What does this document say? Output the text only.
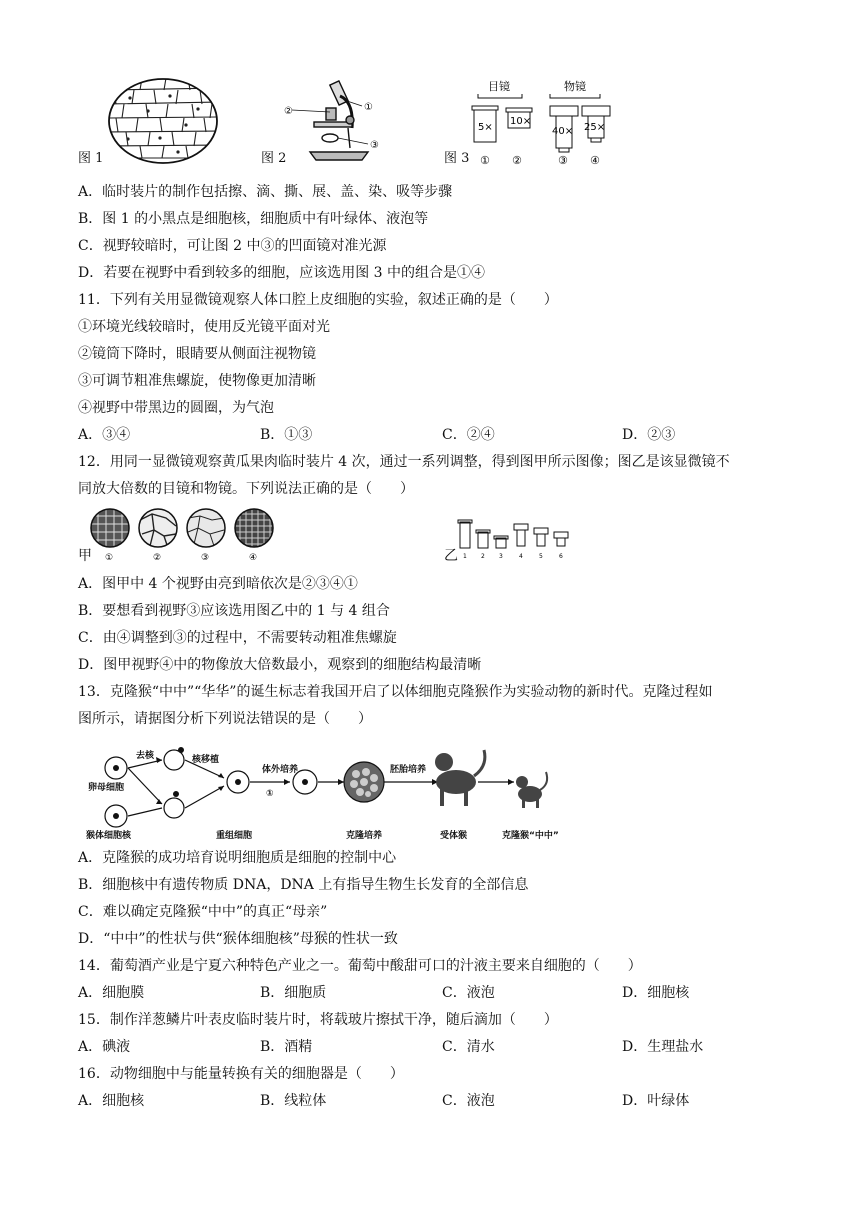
图 1
②	①
③
图 2
目镜	物镜
5×
10×
40× 25×
① ②	③ ④
图 3
A．临时装片的制作包括擦、滴、撕、展、盖、染、吸等步骤
B．图 1 的小黑点是细胞核，细胞质中有叶绿体、液泡等
C．视野较暗时，可让图 2 中③的凹面镜对准光源
D．若要在视野中看到较多的细胞，应该选用图 3 中的组合是①④
11．下列有关用显微镜观察人体口腔上皮细胞的实验，叙述正确的是（　　）
①环境光线较暗时，使用反光镜平面对光
②镜筒下降时，眼睛要从侧面注视物镜
③可调节粗准焦螺旋，使物像更加清晰
④视野中带黑边的圆圈，为气泡
A．③④	B．①③	C．②④	D．②③
12．用同一显微镜观察黄瓜果肉临时装片 4 次，通过一系列调整，得到图甲所示图像；图乙是该显微镜不
同放大倍数的目镜和物镜。下列说法正确的是（　　）
①	②	③	④
甲	1 2 3	4	5	6
乙
A．图甲中 4 个视野由亮到暗依次是②③④①
B．要想看到视野③应该选用图乙中的 1 与 4 组合
C．由④调整到③的过程中，不需要转动粗准焦螺旋
D．图甲视野④中的物像放大倍数最小，观察到的细胞结构最清晰
13．克隆猴“中中”“华华”的诞生标志着我国开启了以体细胞克隆猴作为实验动物的新时代。克隆过程如
图所示，请据图分析下列说法错误的是（　　）
去核
卵母细胞
猴体细胞核
核移植
重组细胞
体外培养
①
克隆培养
胚胎培养
受体猴	克隆猴“中中”
A．克隆猴的成功培育说明细胞质是细胞的控制中心
B．细胞核中有遗传物质 DNA，DNA 上有指导生物生长发育的全部信息
C．难以确定克隆猴“中中”的真正“母亲”
D．“中中”的性状与供“猴体细胞核”母猴的性状一致
14．葡萄酒产业是宁夏六种特色产业之一。葡萄中酸甜可口的汁液主要来自细胞的（　　）
A．细胞膜	B．细胞质	C．液泡	D．细胞核
15．制作洋葱鳞片叶表皮临时装片时，将载玻片擦拭干净，随后滴加（　　）
A．碘液	B．酒精	C．清水	D．生理盐水
16．动物细胞中与能量转换有关的细胞器是（　　）
A．细胞核	B．线粒体	C．液泡	D．叶绿体
